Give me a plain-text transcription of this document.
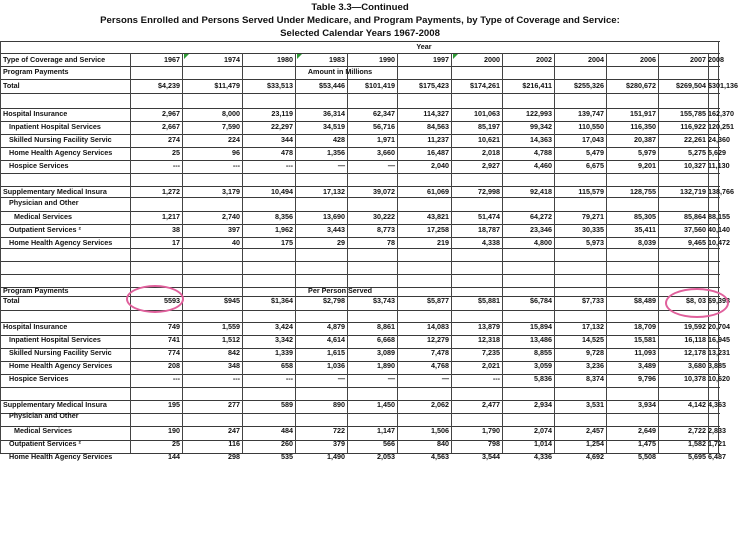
Table 3.3—Continued
Persons Enrolled and Persons Served Under Medicare, and Program Payments, by Type of Coverage and Service:
Selected Calendar Years 1967-2008
Year
Type of Coverage and Service	1967	1974	1980	1983	1990	1997	2000	2002	2004	2006	2007 2008
Program Payments	Amount in Millions
Total	$4,239	$11,479	$33,513	$53,446	$101,419	$175,423	$174,261	$216,411	$255,326	$280,672	$269,504 $301,136
Hospital Insurance	2,967	8,000	23,119	36,314	62,347	114,327	101,063	122,993	139,747	151,917	155,785 162,370
Inpatient Hospital Services	2,667	7,590	22,297	34,519	56,716	84,563	85,197	99,342	110,550	116,350	116,922 120,251
Skilled Nursing Facility Servic	274	224	344	428	1,971	11,237	10,621	14,363	17,043	20,387	22,261 24,360
Home Health Agency Services	25	96	478	1,356	3,660	16,487	2,018	4,788	5,479	5,979	5,275 5,629
Hospice Services	---	---	---	—	—	2,040	2,927	4,460	6,675	9,201	10,327 11,130
Supplementary Medical Insura	1,272	3,179	10,494	17,132	39,072	61,069	72,998	92,418	115,579	128,755	132,719 138,766
Physician and Other
Medical Services	1,217	2,740	8,356	13,690	30,222	43,821	51,474	64,272	79,271	85,305	85,864 88,155
Outpatient Services ²	38	397	1,962	3,443	8,773	17,258	18,787	23,346	30,335	35,411	37,560 40,140
Home Health Agency Services	17	40	175	29	78	219	4,338	4,800	5,973	8,039	9,465 10,472
Program Payments	Per Person Served
Total	5593	$945	$1,364	$2,798	$3,743	$5,877	$5,881	$6,784	$7,733	$8,489	$8, 03 $9,393
Hospital Insurance	749	1,559	3,424	4,879	8,861	14,083	13,879	15,894	17,132	18,709	19,592 20,704
Inpatient Hospital Services	741	1,512	3,342	4,614	6,668	12,279	12,318	13,486	14,525	15,581	16,118 16,945
Skilled Nursing Facility Servic	774	842	1,339	1,615	3,089	7,478	7,235	8,855	9,728	11,093	12,178 13,231
Home Health Agency Services	208	348	658	1,036	1,890	4,768	2,021	3,059	3,236	3,489	3,680 3,885
Hospice Services	---	---	---	—	—	—	---	5,836	8,374	9,796	10,378 10,620
Supplementary Medical Insura	195	277	589	890	1,450	2,062	2,477	2,934	3,531	3,934	4,142 4,363
Physician and Other
Medical Services	190	247	484	722	1,147	1,506	1,790	2,074	2,457	2,649	2,722 2,833
Outpatient Services ²	25	116	260	379	566	840	798	1,014	1,254	1,475	1,582 1,721
Home Health Agency Services	144	298	535	1,490	2,053	4,563	3,544	4,336	4,692	5,508	5,695 6,487
